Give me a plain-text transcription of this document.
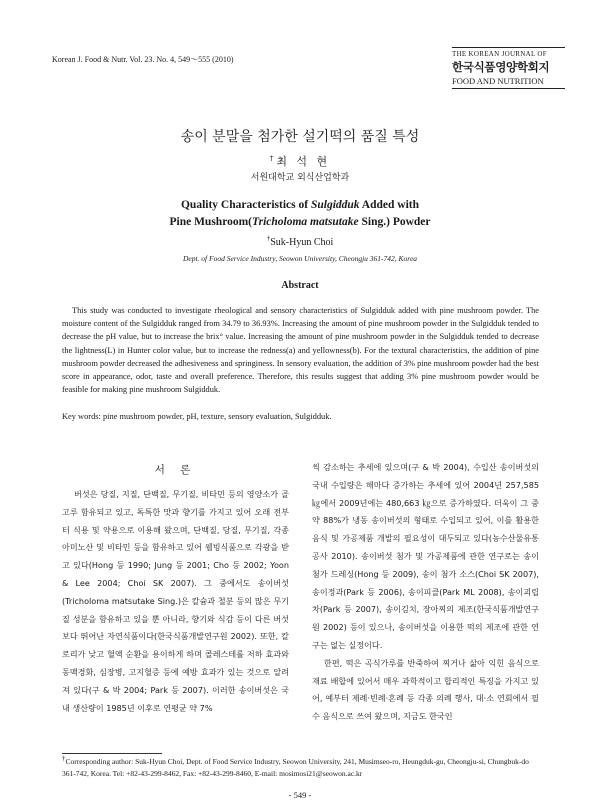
Korean J. Food & Nutr. Vol. 23. No. 4, 549～555 (2010)
THE KOREAN JOURNAL OF
한국식품영양학회지
FOOD AND NUTRITION
송이 분말을 첨가한 설기떡의 품질 특성
†최 석 현
서원대학교 외식산업학과
Quality Characteristics of Sulgidduk Added with
Pine Mushroom(Tricholoma matsutake Sing.) Powder
†Suk-Hyun Choi
Dept. of Food Service Industry, Seowon University, Cheongju 361-742, Korea
Abstract

This study was conducted to investigate rheological and sensory characteristics of Sulgidduk added with pine mushroom powder. The moisture content of the Sulgidduk ranged from 34.79 to 36.93%. Increasing the amount of pine mushroom powder in the Sulgidduk tended to decrease the pH value, but to increase the brix° value. Increasing the amount of pine mushroom powder in the Sulgidduk tended to decrease the lightness(L) in Hunter color value, but to increase the redness(a) and yellowness(b). For the textural characteristics, the addition of pine mushroom powder decreased the adhesiveness and springiness. In sensory evaluation, the addition of 3% pine mushroom powder had the best score in appearance, odor, taste and overall preference. Therefore, this results suggest that adding 3% pine mushroom powder would be feasible for making pine mushroom Sulgidduk.

Key words: pine mushroom powder, pH, texture, sensory evaluation, Sulgidduk.
서 론

버섯은 당질, 지질, 단백질, 무기질, 비타민 등의 영양소가 골고루 함유되고 있고, 독특한 맛과 향기를 가지고 있어 오래 전부터 식용 및 약용으로 이용해 왔으며, 단백질, 당질, 무기질, 각종 아미노산 및 비타민 등을 함유하고 있어 웰빙식품으로 각광을 받고 있다(Hong 등 1990; Jung 등 2001; Cho 등 2002; Yoon & Lee 2004; Choi SK 2007). 그 중에서도 송이버섯(Tricholoma matsutake Sing.)은 칼슘과 철분 등의 많은 무기질 성분을 함유하고 있을 뿐 아니라, 향기와 식감 등이 다른 버섯보다 뛰어난 자연식품이다(한국식품개발연구원 2002). 또한, 칼로리가 낮고 혈액 순환을 용이하게 하며 콜레스테롤 저하 효과와 동맥경화, 심장병, 고지혈증 등에 예방 효과가 있는 것으로 알려져 있다(구 & 박 2004; Park 등 2007). 이러한 송이버섯은 국내 생산량이 1985년 이후로 연평균 약 7%

씩 감소하는 추세에 있으며(구 & 박 2004), 수입산 송이버섯의 국내 수입량은 해마다 증가하는 추세에 있어 2004년 257,585 ㎏에서 2009년에는 480,663 ㎏으로 증가하였다. 더욱이 그 중 약 88%가 냉동 송이버섯의 형태로 수입되고 있어, 이를 활용한 음식 및 가공제품 개발의 필요성이 대두되고 있다(농수산물유통공사 2010). 송이버섯 첨가 및 가공제품에 관한 연구로는 송이 첨가 드레싱(Hong 등 2009), 송이 첨가 소스(Choi SK 2007), 송이정과(Park 등 2006), 송이피클(Park ML 2008), 송이괴립차(Park 등 2007), 송이김치, 장아찌의 제조(한국식품개발연구원 2002) 등이 있으나, 송이버섯을 이용한 떡의 제조에 관한 연구는 없는 실정이다.

한편, 떡은 곡식가루를 반죽하여 찌거나 삶아 익힌 음식으로 재료 배합에 있어서 매우 과학적이고 합리적인 특징을 가지고 있어, 예부터 제례·빈례·혼례 등 각종 의례 행사, 대·소 연회에서 필수 음식으로 쓰여 왔으며, 지금도 한국인

†Corresponding author: Suk-Hyun Choi, Dept. of Food Service Industry, Seowon University, 241, Musimseo-ro, Heungduk-gu, Cheongju-si, Chungbuk-do 361-742, Korea. Tel: +82-43-299-8462, Fax: +82-43-299-8460, E-mail: mosimosi21@seowon.ac.kr
- 549 -
